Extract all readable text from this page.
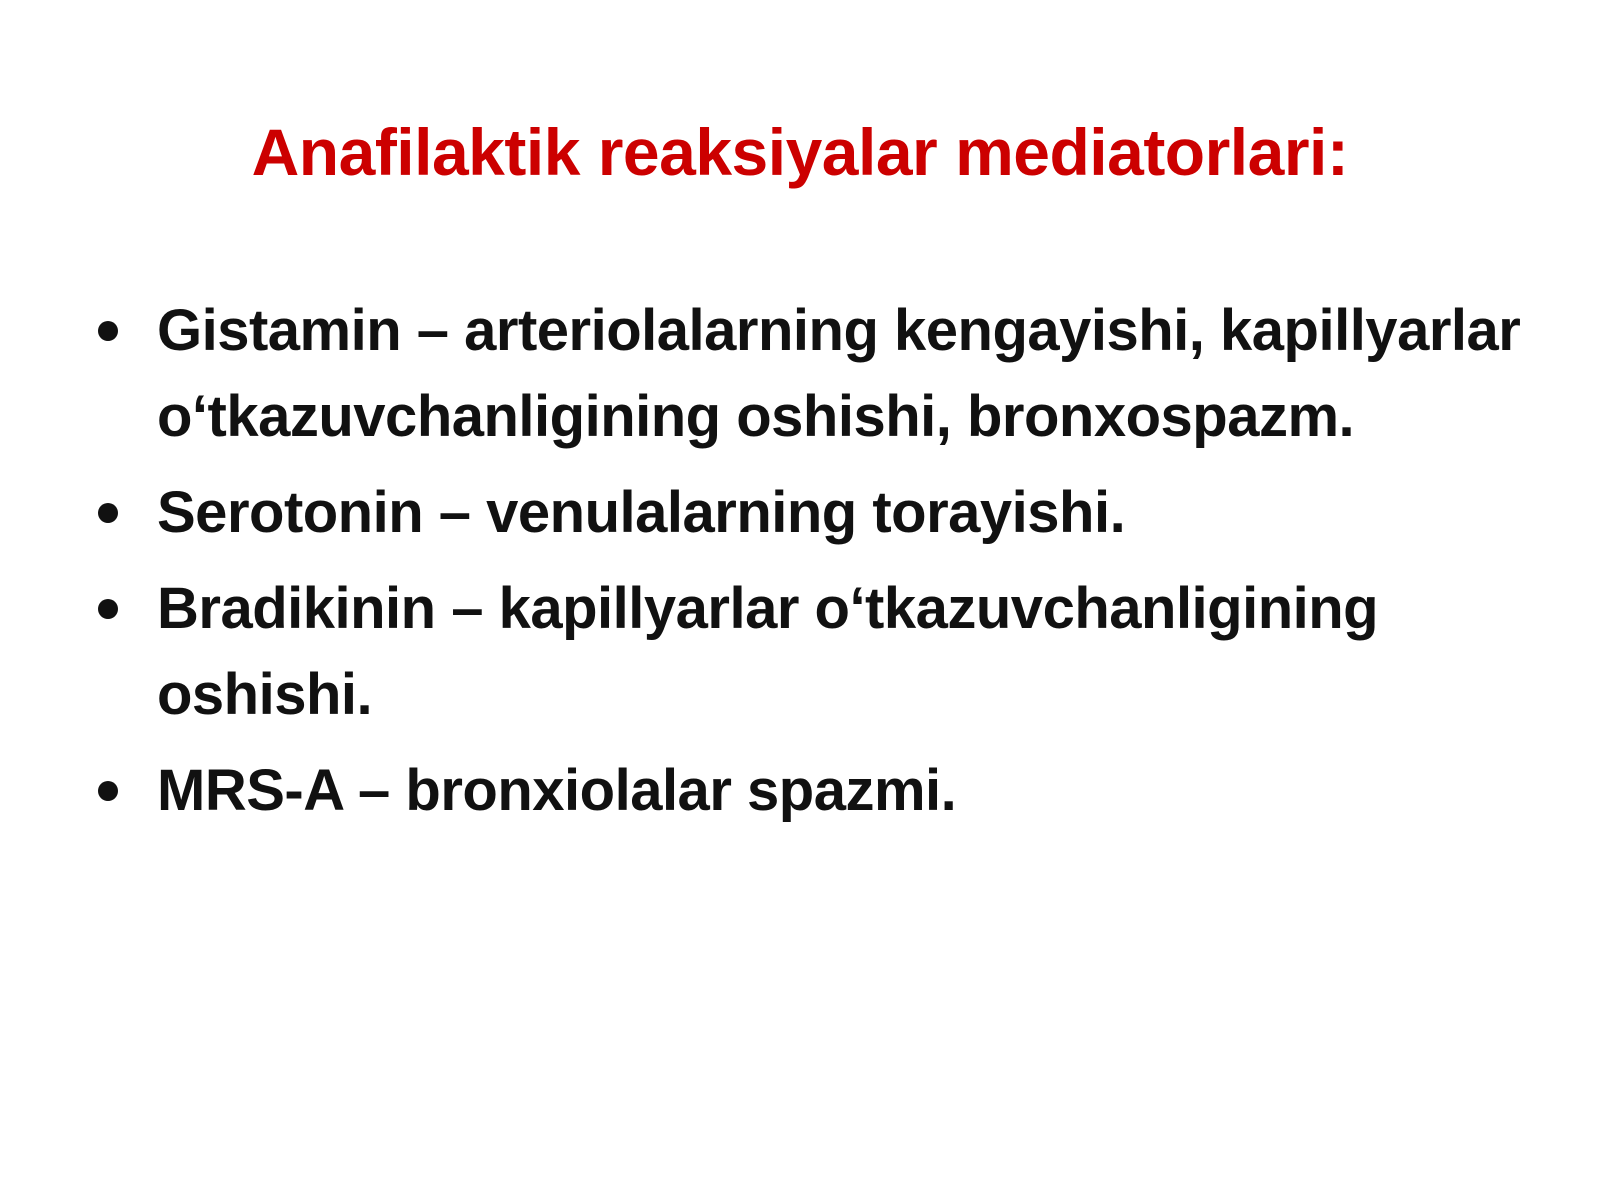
Anafilaktik reaksiyalar mediatorlari:
Gistamin – arteriolalarning kengayishi, kapillyarlar o‘tkazuvchanligining oshishi, bronxospazm.
Serotonin – venulalarning torayishi.
Bradikinin – kapillyarlar o‘tkazuvchanligining oshishi.
MRS-A – bronxiolalar spazmi.
